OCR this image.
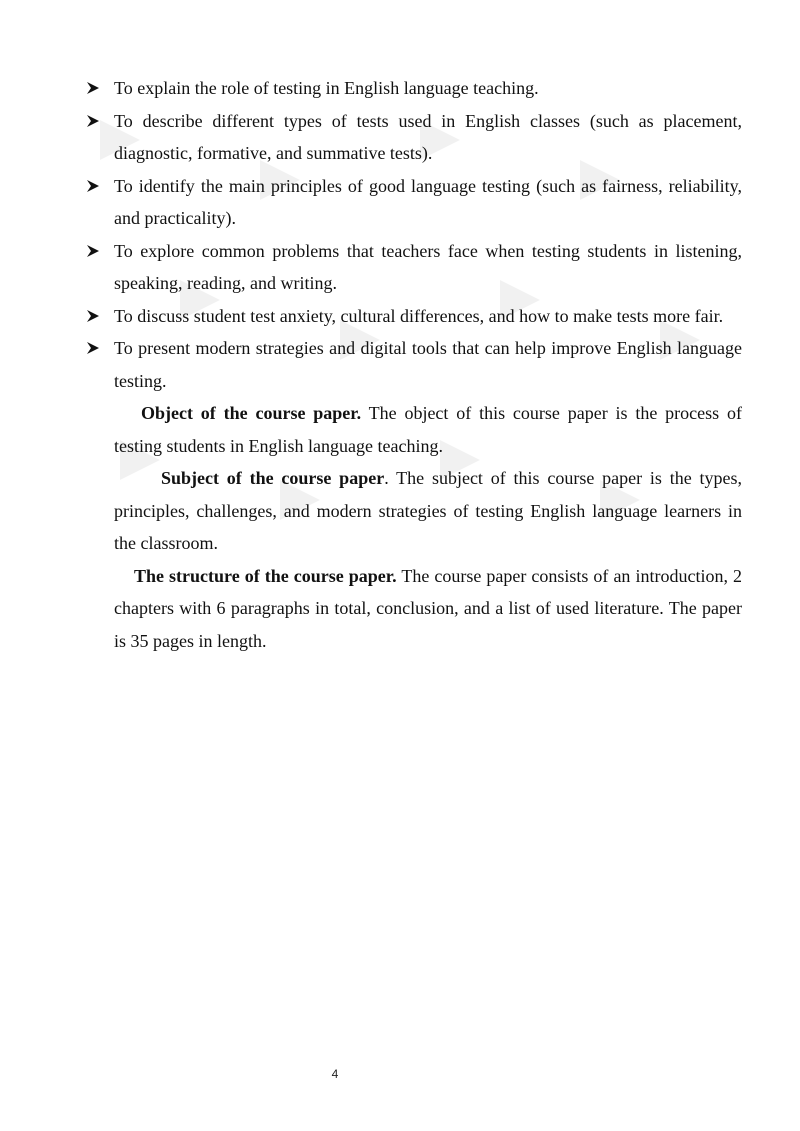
To explain the role of testing in English language teaching.
To describe different types of tests used in English classes (such as placement, diagnostic, formative, and summative tests).
To identify the main principles of good language testing (such as fairness, reliability, and practicality).
To explore common problems that teachers face when testing students in listening, speaking, reading, and writing.
To discuss student test anxiety, cultural differences, and how to make tests more fair.
To present modern strategies and digital tools that can help improve English language testing.

Object of the course paper. The object of this course paper is the process of testing students in English language teaching.

Subject of the course paper. The subject of this course paper is the types, principles, challenges, and modern strategies of testing English language learners in the classroom.

The structure of the course paper. The course paper consists of an introduction, 2 chapters with 6 paragraphs in total, conclusion, and a list of used literature. The paper is 35 pages in length.

4
